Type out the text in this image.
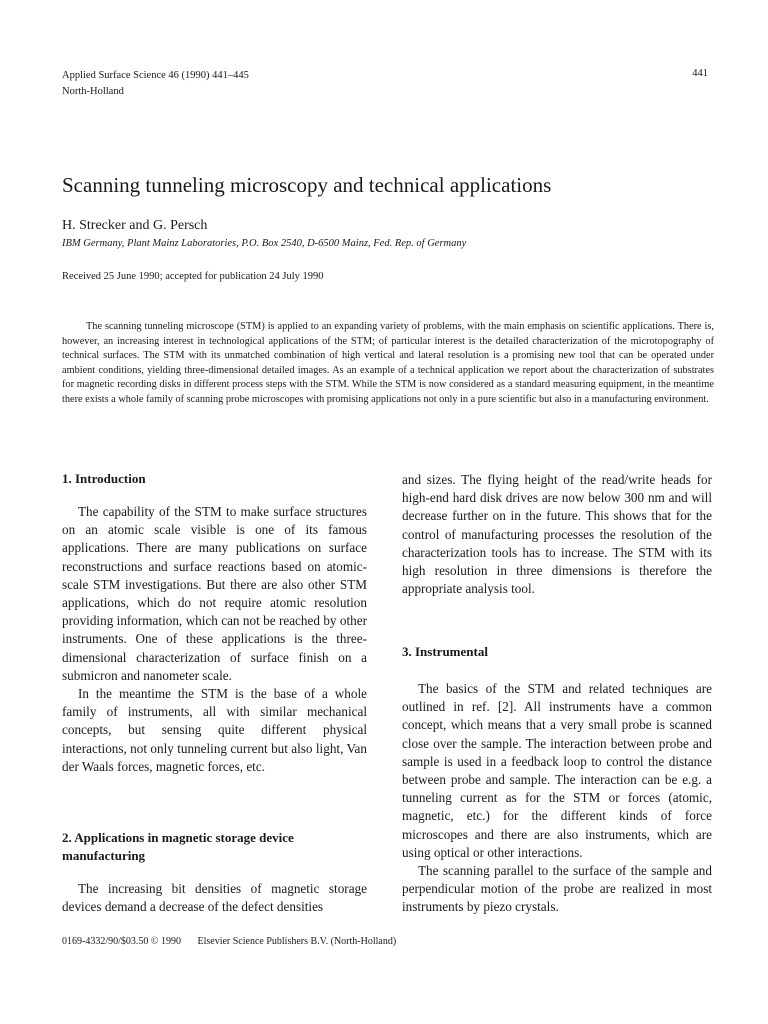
Applied Surface Science 46 (1990) 441–445
North-Holland
441
Scanning tunneling microscopy and technical applications
H. Strecker and G. Persch
IBM Germany, Plant Mainz Laboratories, P.O. Box 2540, D-6500 Mainz, Fed. Rep. of Germany
Received 25 June 1990; accepted for publication 24 July 1990

The scanning tunneling microscope (STM) is applied to an expanding variety of problems, with the main emphasis on scientific applications. There is, however, an increasing interest in technological applications of the STM; of particular interest is the detailed characterization of the microtopography of technical surfaces. The STM with its unmatched combination of high vertical and lateral resolution is a promising new tool that can be operated under ambient conditions, yielding three-dimensional detailed images. As an example of a technical application we report about the characterization of substrates for magnetic recording disks in different process steps with the STM. While the STM is now considered as a standard measuring equipment, in the meantime there exists a whole family of scanning probe microscopes with promising applications not only in a pure scientific but also in a manufacturing environment.

1. Introduction

The capability of the STM to make surface structures on an atomic scale visible is one of its famous applications. There are many publications on surface reconstructions and surface reactions based on atomic-scale STM investigations. But there are also other STM applications, which do not require atomic resolution providing information, which can not be reached by other instruments. One of these applications is the three-dimensional characterization of surface finish on a submicron and nanometer scale.

In the meantime the STM is the base of a whole family of instruments, all with similar mechanical concepts, but sensing quite different physical interactions, not only tunneling current but also light, Van der Waals forces, magnetic forces, etc.

2. Applications in magnetic storage device manufacturing

The increasing bit densities of magnetic storage devices demand a decrease of the defect densities

and sizes. The flying height of the read/write heads for high-end hard disk drives are now below 300 nm and will decrease further on in the future. This shows that for the control of manufacturing processes the resolution of the characterization tools has to increase. The STM with its high resolution in three dimensions is therefore the appropriate analysis tool.

3. Instrumental

The basics of the STM and related techniques are outlined in ref. [2]. All instruments have a common concept, which means that a very small probe is scanned close over the sample. The interaction between probe and sample is used in a feedback loop to control the distance between probe and sample. The interaction can be e.g. a tunneling current as for the STM or forces (atomic, magnetic, etc.) for the different kinds of force microscopes and there are also instruments, which are using optical or other interactions.

The scanning parallel to the surface of the sample and perpendicular motion of the probe are realized in most instruments by piezo crystals.

0169-4332/90/$03.50 © 1990 Elsevier Science Publishers B.V. (North-Holland)
